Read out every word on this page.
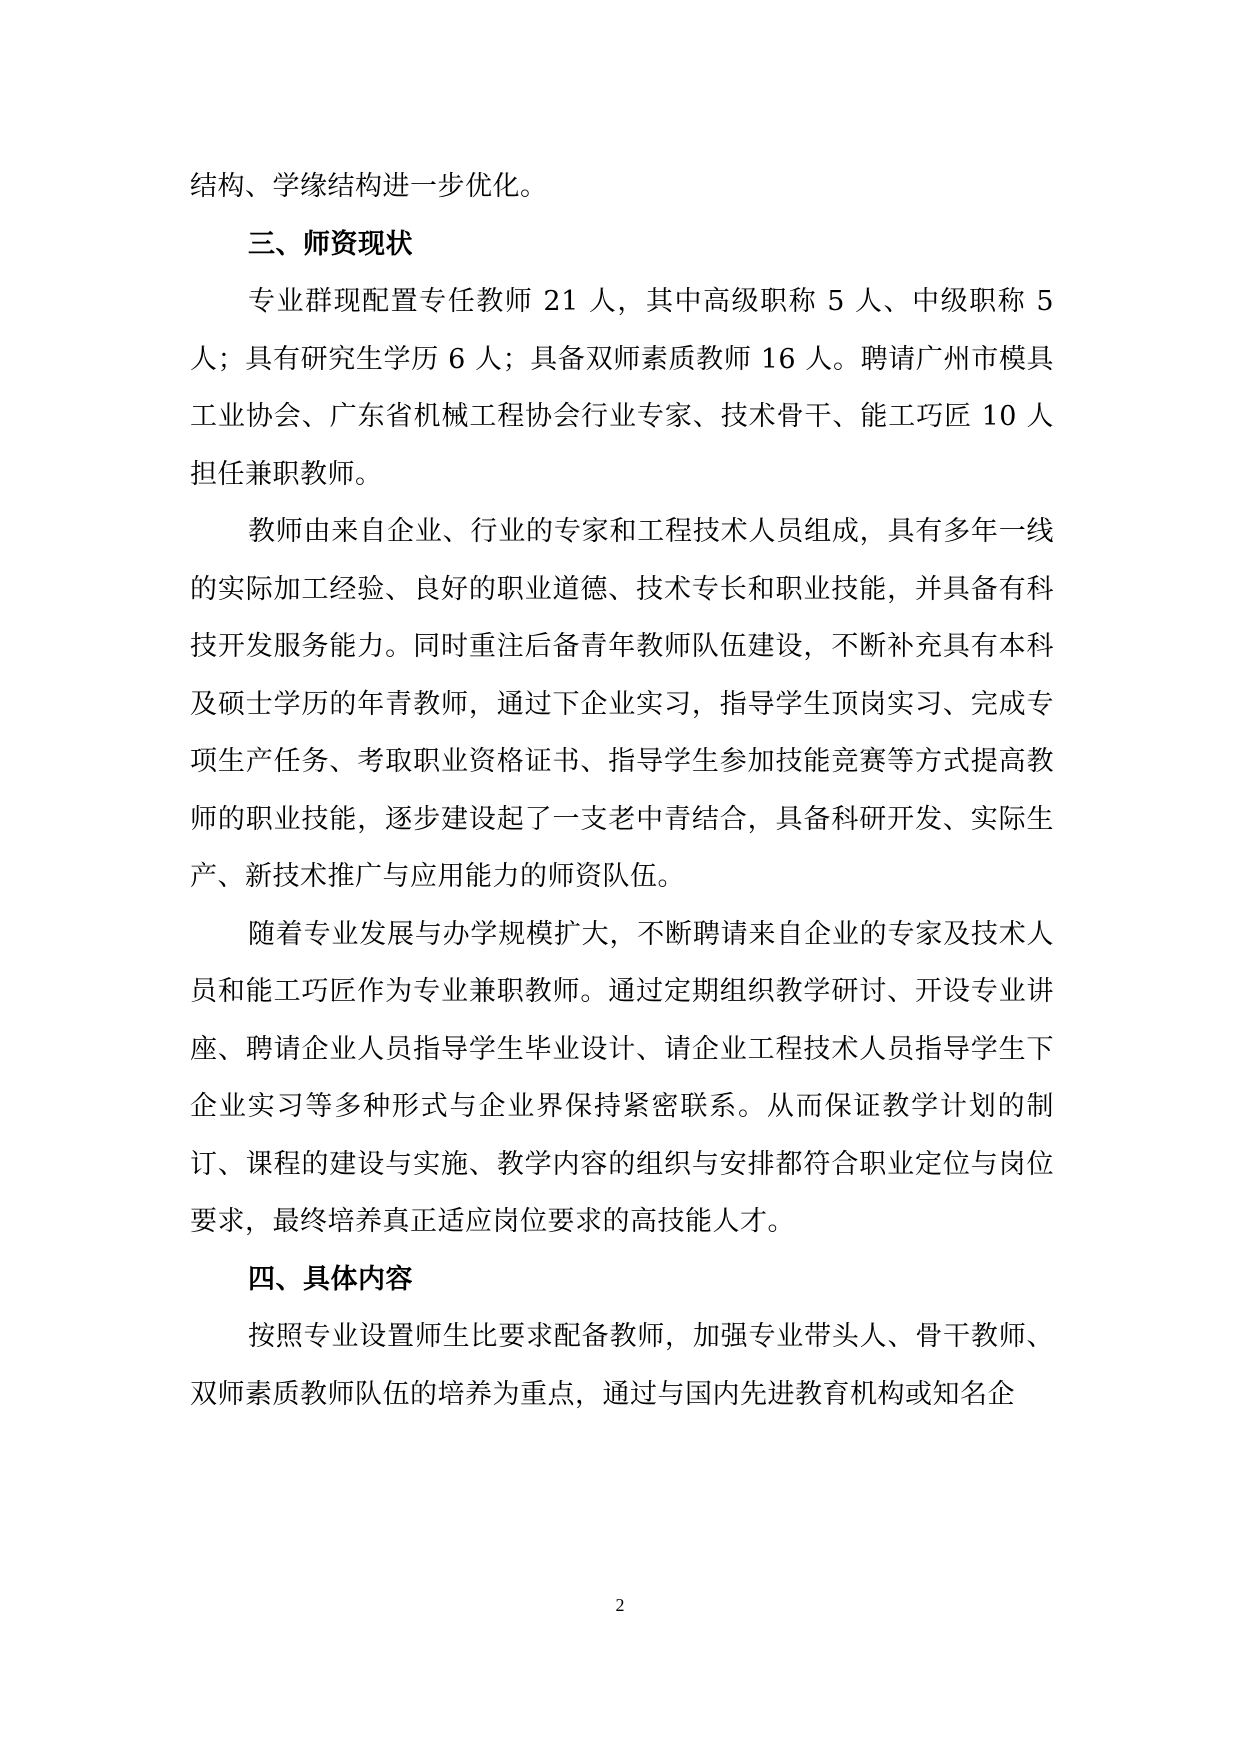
结构、学缘结构进一步优化。

三、师资现状

专业群现配置专任教师 21 人，其中高级职称 5 人、中级职称 5 人；具有研究生学历 6 人；具备双师素质教师 16 人。聘请广州市模具工业协会、广东省机械工程协会行业专家、技术骨干、能工巧匠 10 人担任兼职教师。

教师由来自企业、行业的专家和工程技术人员组成，具有多年一线的实际加工经验、良好的职业道德、技术专长和职业技能，并具备有科技开发服务能力。同时重注后备青年教师队伍建设，不断补充具有本科及硕士学历的年青教师，通过下企业实习，指导学生顶岗实习、完成专项生产任务、考取职业资格证书、指导学生参加技能竞赛等方式提高教师的职业技能，逐步建设起了一支老中青结合，具备科研开发、实际生产、新技术推广与应用能力的师资队伍。

随着专业发展与办学规模扩大，不断聘请来自企业的专家及技术人员和能工巧匠作为专业兼职教师。通过定期组织教学研讨、开设专业讲座、聘请企业人员指导学生毕业设计、请企业工程技术人员指导学生下企业实习等多种形式与企业界保持紧密联系。从而保证教学计划的制订、课程的建设与实施、教学内容的组织与安排都符合职业定位与岗位要求，最终培养真正适应岗位要求的高技能人才。

四、具体内容

按照专业设置师生比要求配备教师，加强专业带头人、骨干教师、双师素质教师队伍的培养为重点，通过与国内先进教育机构或知名企

2
